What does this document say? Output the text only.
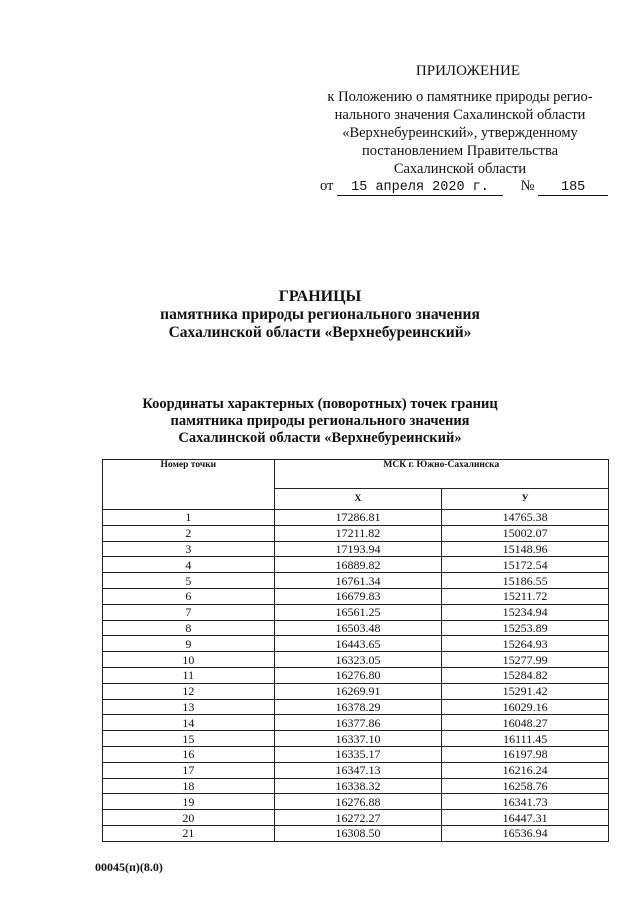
ПРИЛОЖЕНИЕ
к Положению о памятнике природы регио-
нального значения Сахалинской области
«Верхнебуреинский», утвержденному
постановлением Правительства
Сахалинской области
от 15 апреля 2020 г. № 185
ГРАНИЦЫ
памятника природы регионального значения
Сахалинской области «Верхнебуреинский»
Координаты характерных (поворотных) точек границ
памятника природы регионального значения
Сахалинской области «Верхнебуреинский»
Номер точки	МСК г. Южно-Сахалинска	
	X	У
1	17286.81	14765.38
2	17211.82	15002.07
3	17193.94	15148.96
4	16889.82	15172.54
5	16761.34	15186.55
6	16679.83	15211.72
7	16561.25	15234.94
8	16503.48	15253.89
9	16443.65	15264.93
10	16323.05	15277.99
11	16276.80	15284.82
12	16269.91	15291.42
13	16378.29	16029.16
14	16377.86	16048.27
15	16337.10	16111.45
16	16335.17	16197.98
17	16347.13	16216.24
18	16338.32	16258.76
19	16276.88	16341.73
20	16272.27	16447.31
21	16308.50	16536.94
00045(п)(8.0)
